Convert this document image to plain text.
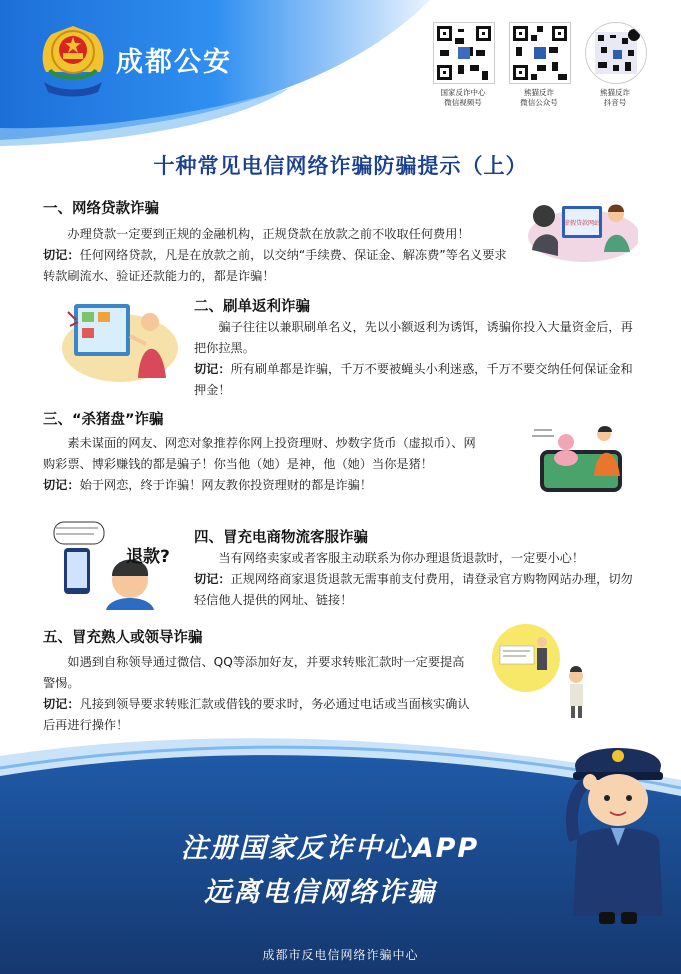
成都公安
国家反诈中心
微信视频号
熊猫反诈
微信公众号
熊猫反诈
抖音号
十种常见电信网络诈骗防骗提示（上）
一、网络贷款诈骗
办理贷款一定要到正规的金融机构，正规贷款在放款之前不收取任何费用！
切记：任何网络贷款，凡是在放款之前，以交纳“手续费、保证金、解冻费”等名义要求转款刷流水、验证还款能力的，都是诈骗！
虚假贷款网站
二、刷单返利诈骗
骗子往往以兼职刷单名义，先以小额返利为诱饵，诱骗你投入大量资金后，再把你拉黑。
切记：所有刷单都是诈骗，千万不要被蝇头小利迷惑，千万不要交纳任何保证金和押金！
三、“杀猪盘”诈骗
素未谋面的网友、网恋对象推荐你网上投资理财、炒数字货币（虚拟币）、网购彩票、博彩赚钱的都是骗子！你当他（她）是神，他（她）当你是猪！
切记：始于网恋，终于诈骗！网友教你投资理财的都是诈骗！
退款?
四、冒充电商物流客服诈骗
当有网络卖家或者客服主动联系为你办理退货退款时，一定要小心！
切记：正规网络商家退货退款无需事前支付费用，请登录官方购物网站办理，切勿轻信他人提供的网址、链接！
五、冒充熟人或领导诈骗
如遇到自称领导通过微信、QQ等添加好友，并要求转账汇款时一定要提高警惕。
切记：凡接到领导要求转账汇款或借钱的要求时，务必通过电话或当面核实确认后再进行操作！
注册国家反诈中心APP
远离电信网络诈骗
成都市反电信网络诈骗中心
